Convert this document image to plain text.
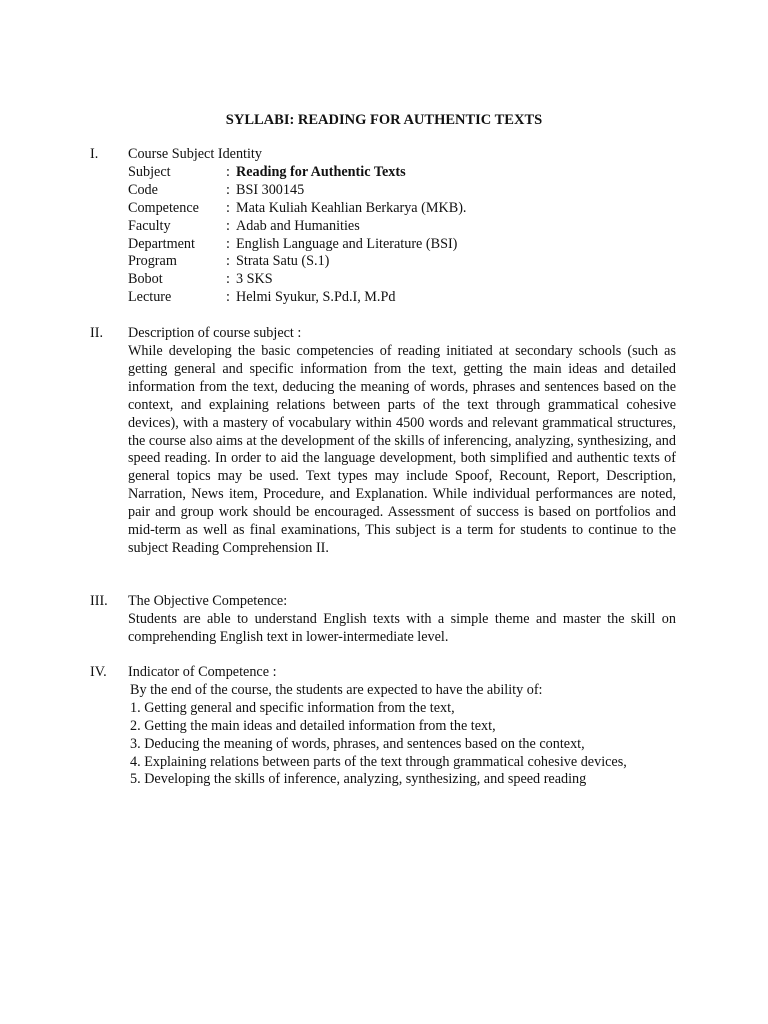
SYLLABI: READING FOR AUTHENTIC TEXTS
I. Course Subject Identity
Subject	: Reading for Authentic Texts
Code	: BSI 300145
Competence : Mata Kuliah Keahlian Berkarya (MKB).
Faculty	: Adab and Humanities
Department : English Language and Literature (BSI)
Program	: Strata Satu (S.1)
Bobot	: 3 SKS
Lecture	: Helmi Syukur, S.Pd.I, M.Pd
II. Description of course subject :
While developing the basic competencies of reading initiated at secondary schools (such as getting general and specific information from the text, getting the main ideas and detailed information from the text, deducing the meaning of words, phrases and sentences based on the context, and explaining relations between parts of the text through grammatical cohesive devices), with a mastery of vocabulary within 4500 words and relevant grammatical structures, the course also aims at the development of the skills of inferencing, analyzing, synthesizing, and speed reading. In order to aid the language development, both simplified and authentic texts of general topics may be used. Text types may include Spoof, Recount, Report, Description, Narration, News item, Procedure, and Explanation. While individual performances are noted, pair and group work should be encouraged. Assessment of success is based on portfolios and mid-term as well as final examinations, This subject is a term for students to continue to the subject Reading Comprehension II.
III. The Objective Competence:
Students are able to understand English texts with a simple theme and master the skill on comprehending English text in lower-intermediate level.
IV. Indicator of Competence :
By the end of the course, the students are expected to have the ability of:
1. Getting general and specific information from the text,
2. Getting the main ideas and detailed information from the text,
3. Deducing the meaning of words, phrases, and sentences based on the context,
4. Explaining relations between parts of the text through grammatical cohesive devices,
5. Developing the skills of inference, analyzing, synthesizing, and speed reading
